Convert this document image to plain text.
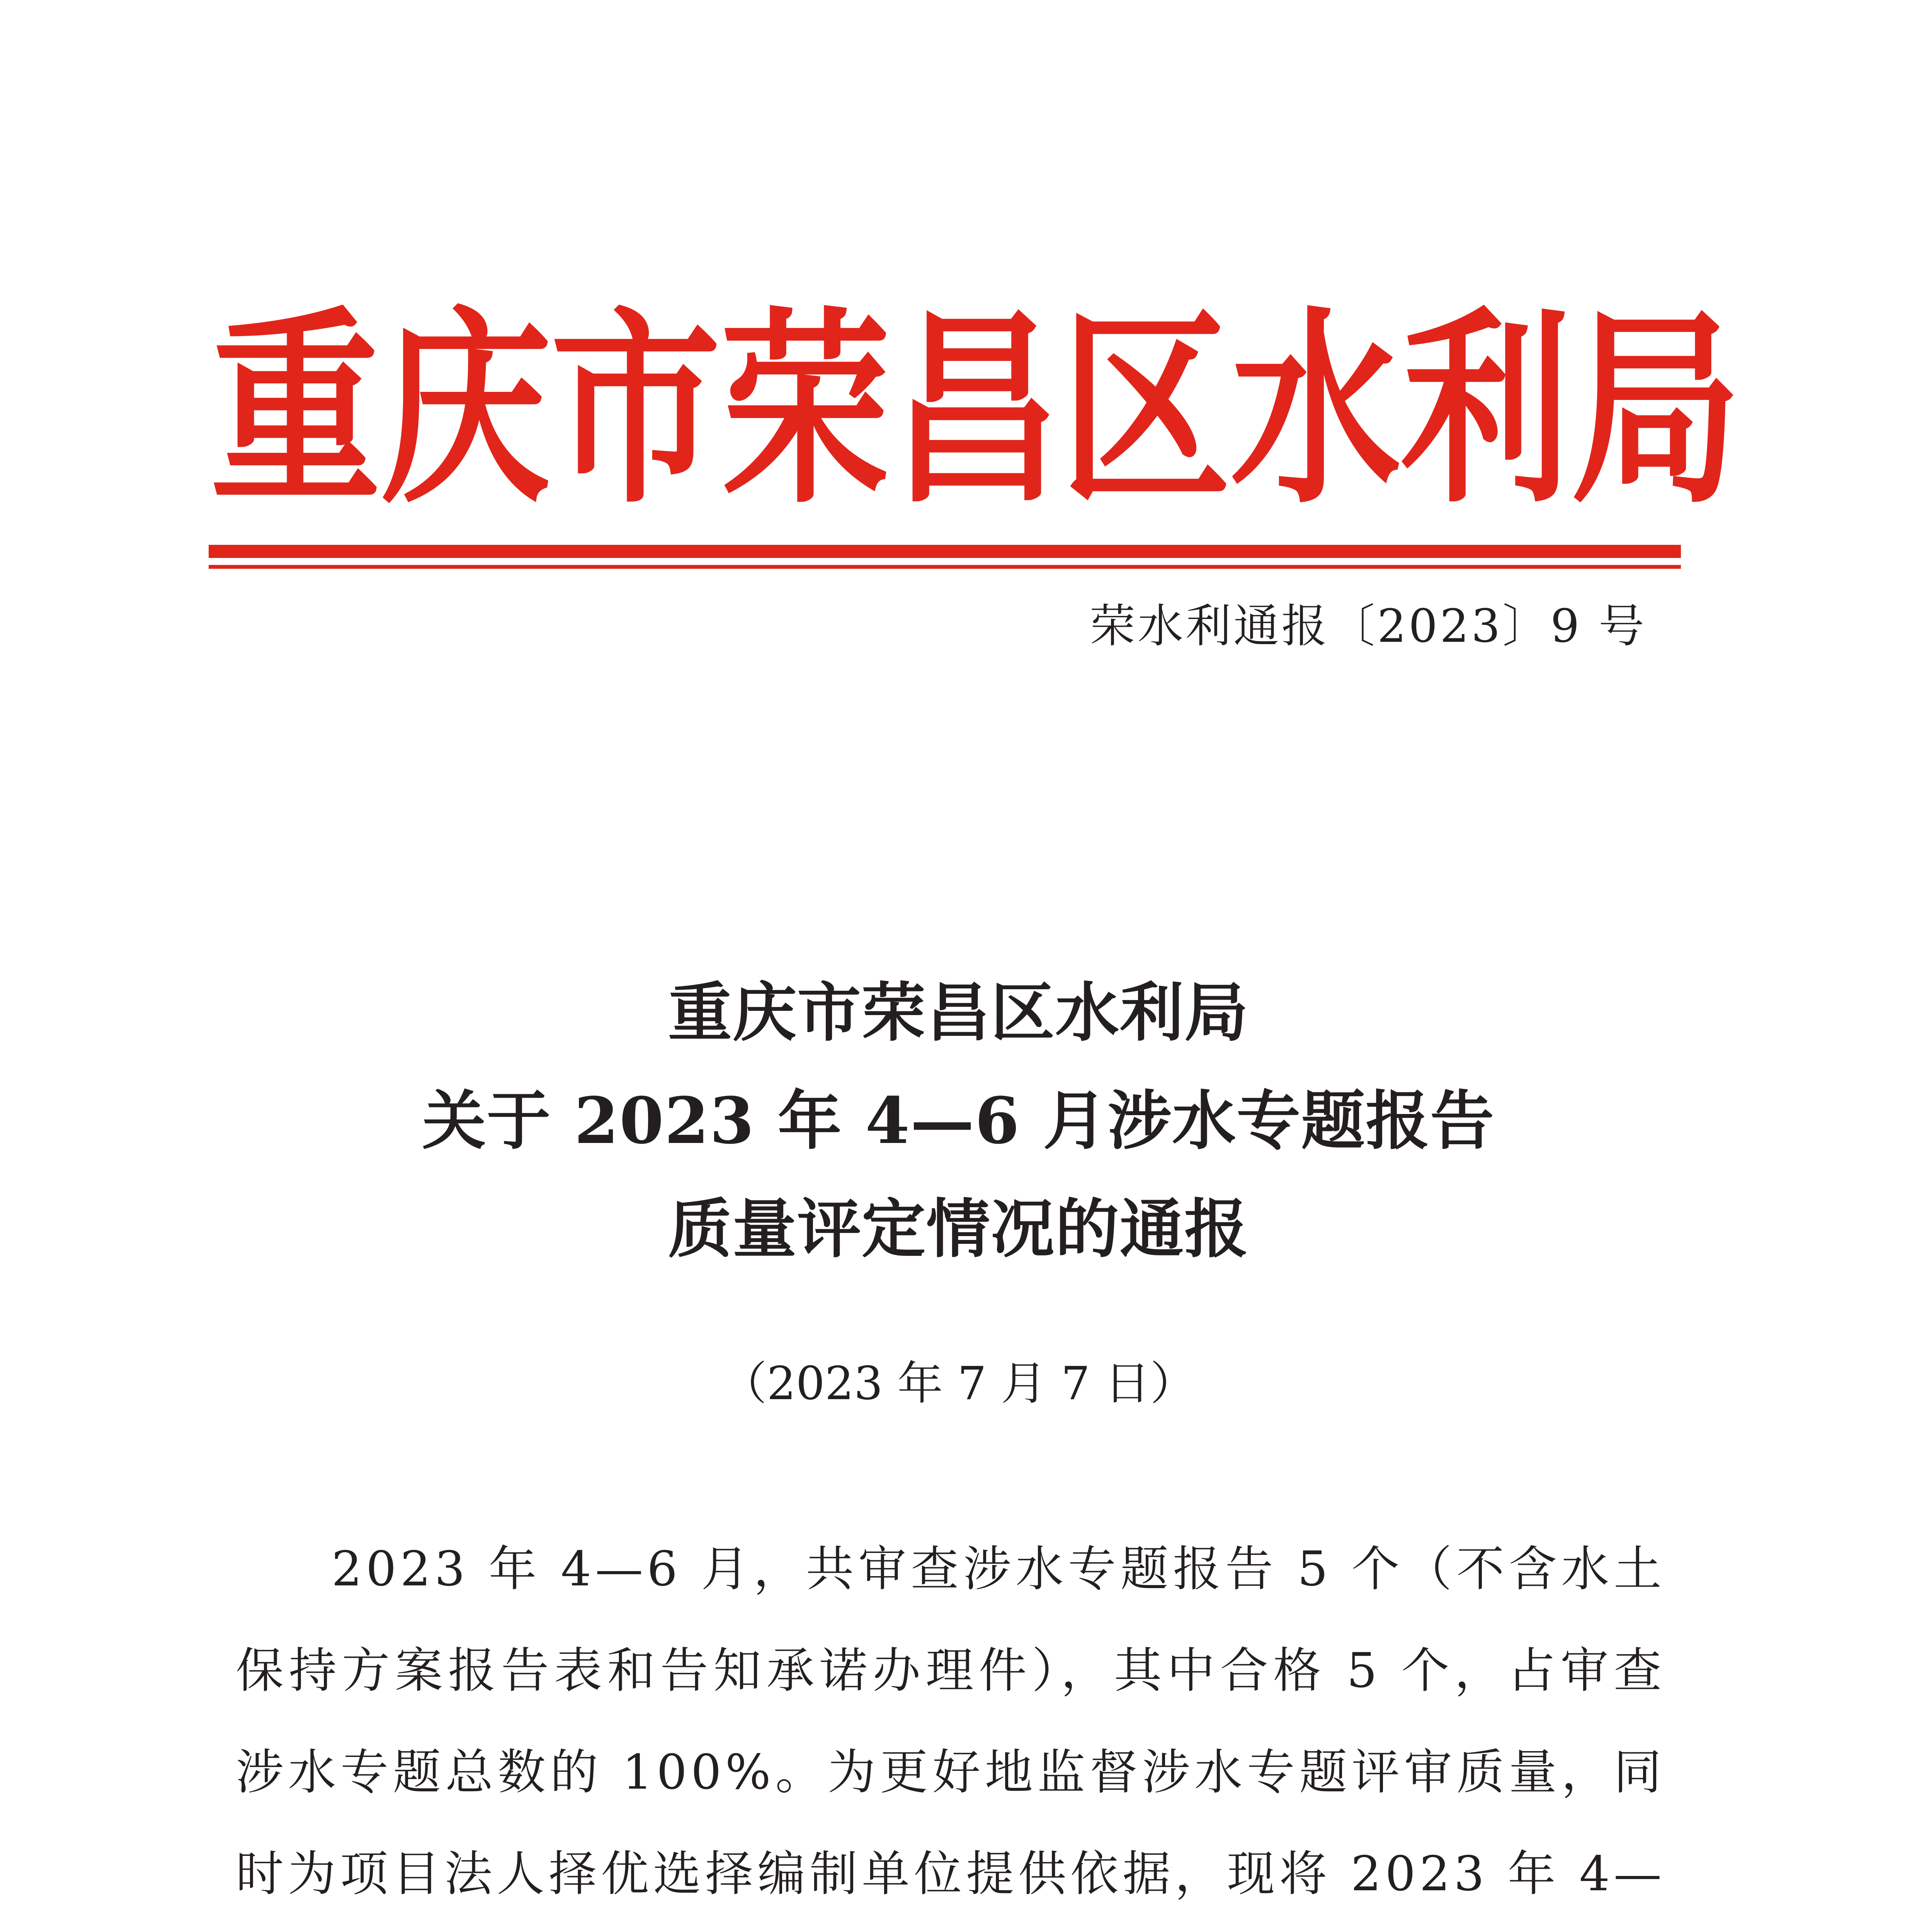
重 庆 市 荣 昌 区 水 利 局
荣水利通报〔2023〕9 号
重庆市荣昌区水利局
关于 2023 年 4—6 月涉水专题报告
质量评定情况的通报
（2023 年 7 月 7 日）

2023 年 4—6 月，共审查涉水专题报告 5 个（不含水土保持方案报告表和告知承诺办理件），其中合格 5 个，占审查涉水专题总数的 100%。为更好地监督涉水专题评审质量，同时为项目法人择优选择编制单位提供依据，现将 2023 年 4—
